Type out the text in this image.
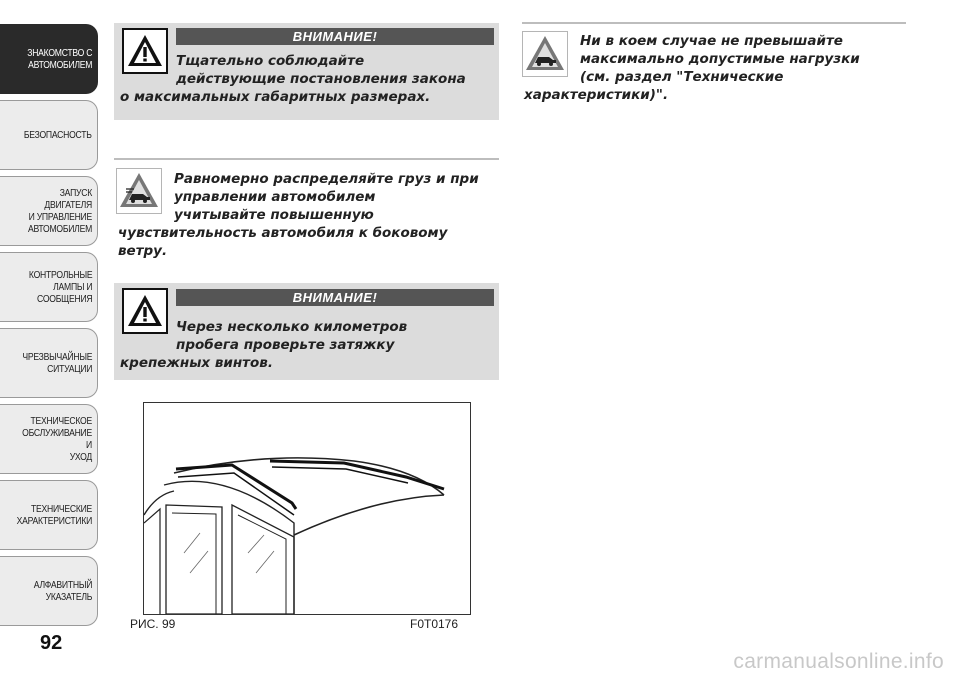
ЗНАКОМСТВО С
АВТОМОБИЛЕМ
БЕЗОПАСНОСТЬ
ЗАПУСК ДВИГАТЕЛЯ
И УПРАВЛЕНИЕ
АВТОМОБИЛЕМ
КОНТРОЛЬНЫЕ
ЛАМПЫ И
СООБЩЕНИЯ
ЧРЕЗВЫЧАЙНЫЕ
СИТУАЦИИ
ТЕХНИЧЕСКОЕ
ОБСЛУЖИВАНИЕ И
УХОД
ТЕХНИЧЕСКИЕ
ХАРАКТЕРИСТИКИ
АЛФАВИТНЫЙ
УКАЗАТЕЛЬ
92
ВНИМАНИЕ!
Тщательно соблюдайте
действующие постановления закона
о максимальных габаритных размерах.
Равномерно распределяйте груз и при
управлении автомобилем
учитывайте повышенную
чувствительность автомобиля к боковому
ветру.
ВНИМАНИЕ!
Через несколько километров
пробега проверьте затяжку
крепежных винтов.
РИС. 99	F0T0176
Ни в коем случае не превышайте
максимально допустимые нагрузки
(см. раздел "Технические
характеристики)".
carmanualsonline.info
